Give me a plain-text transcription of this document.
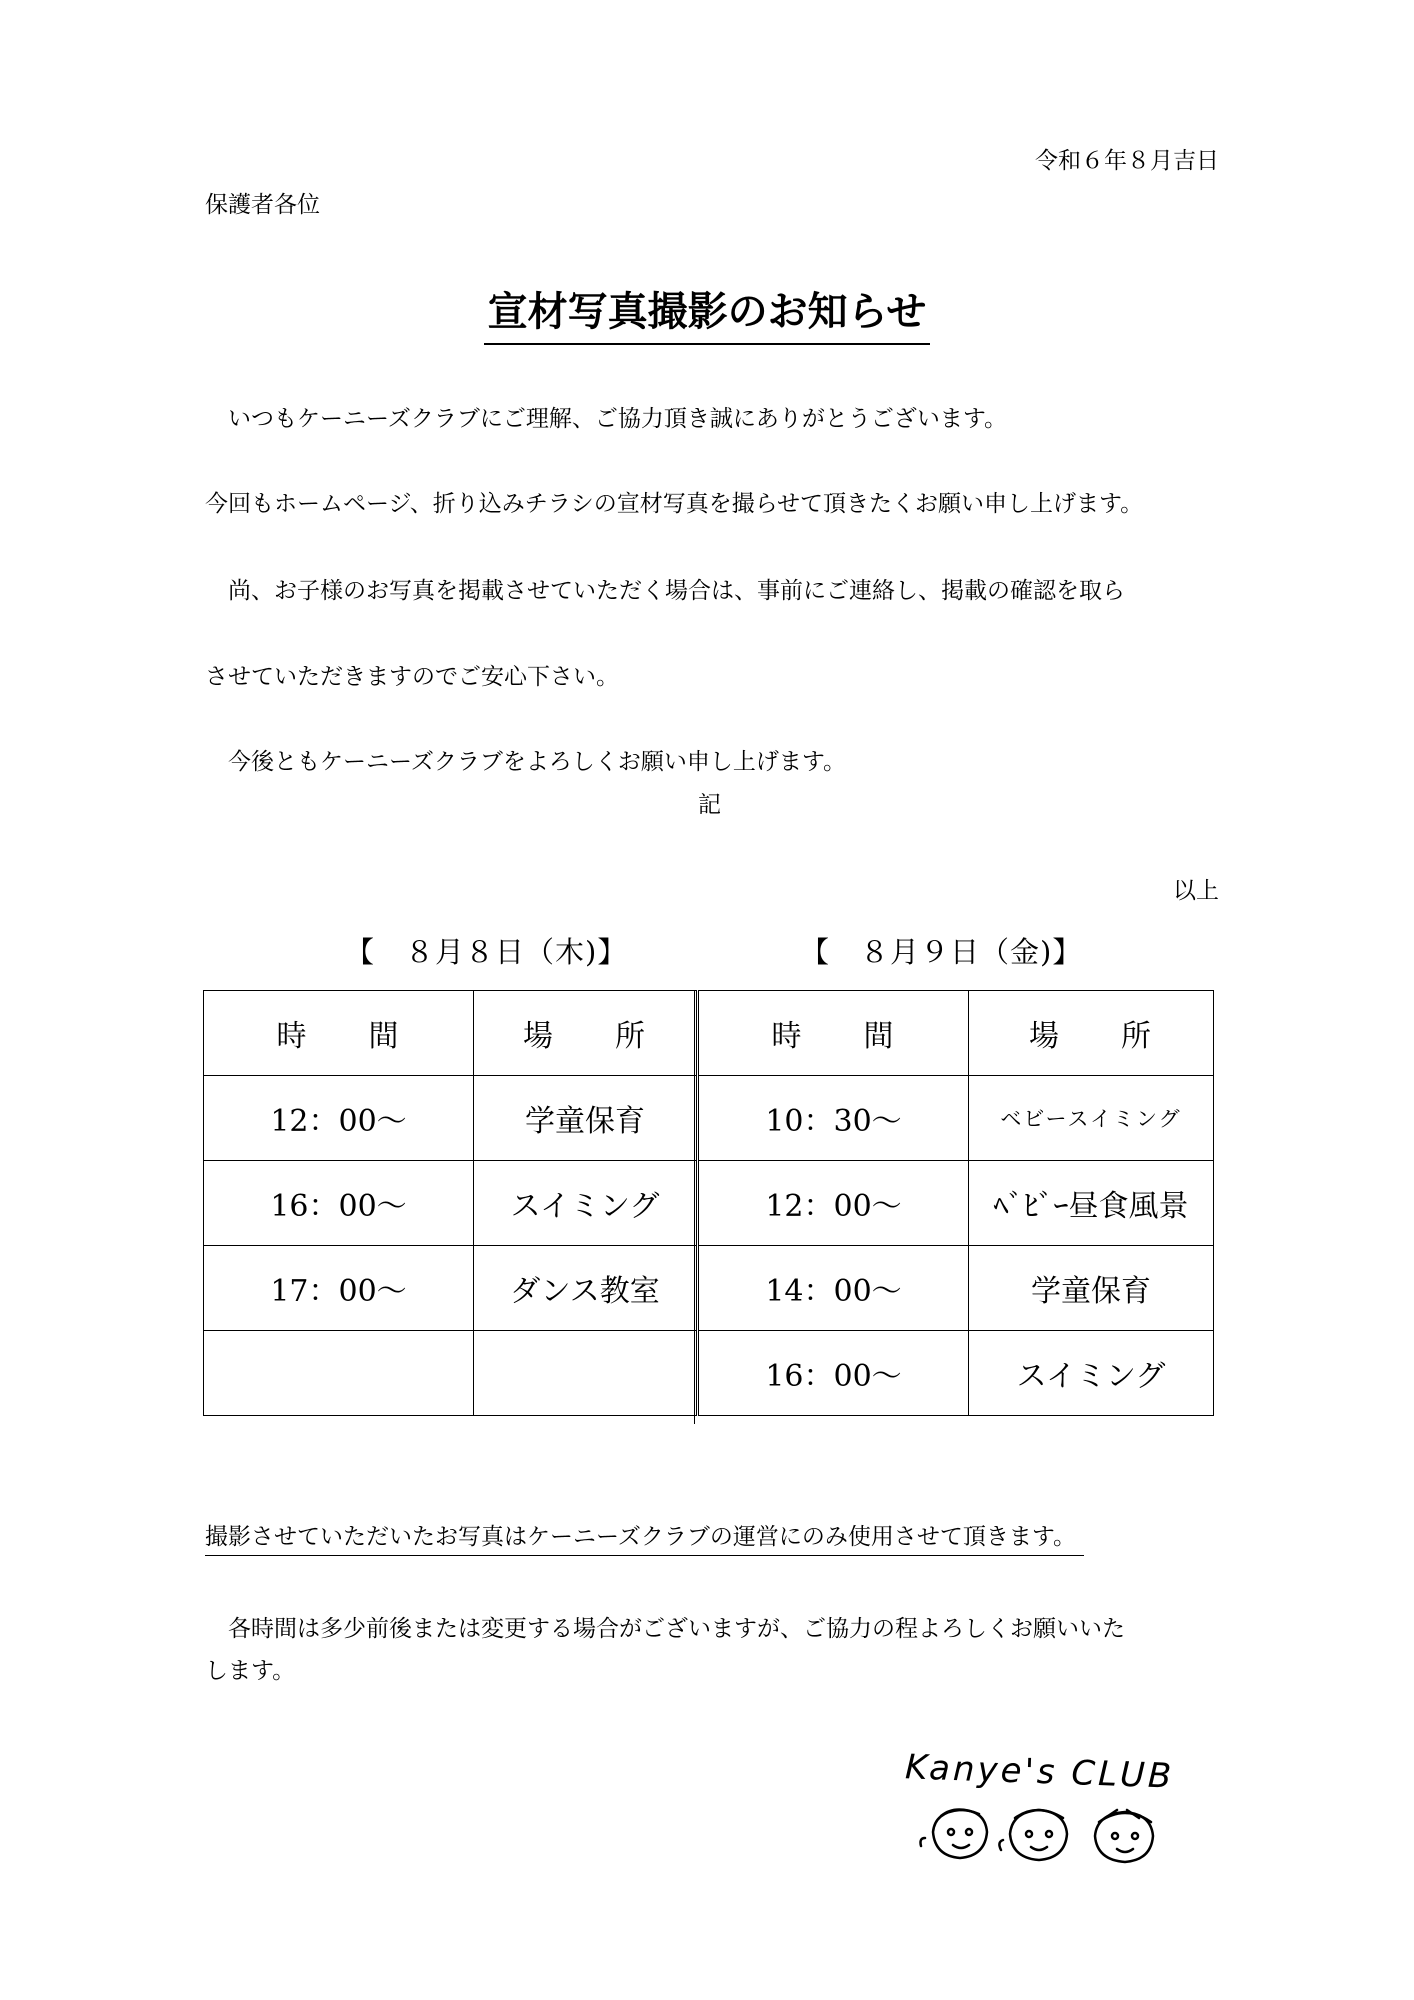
令和６年８月吉日
保護者各位
宣材写真撮影のお知らせ
いつもケーニーズクラブにご理解、ご協力頂き誠にありがとうございます。
今回もホームページ、折り込みチラシの宣材写真を撮らせて頂きたくお願い申し上げます。
尚、お子様のお写真を掲載させていただく場合は、事前にご連絡し、掲載の確認を取ら
させていただきますのでご安心下さい。
今後ともケーニーズクラブをよろしくお願い申し上げます。
記
以上
【　８月８日（木)】	【　８月９日（金)】
時 間	場 所
12：00〜	学童保育
16：00〜	スイミング
17：00〜	ダンス教室

時 間	場 所
10：30〜	ベビースイミング
12：00〜	ﾍﾞﾋﾞｰ昼食風景
14：00〜	学童保育
16：00〜	スイミング
撮影させていただいたお写真はケーニーズクラブの運営にのみ使用させて頂きます。
各時間は多少前後または変更する場合がございますが、ご協力の程よろしくお願いいた
します。
Kanye's CLUB
